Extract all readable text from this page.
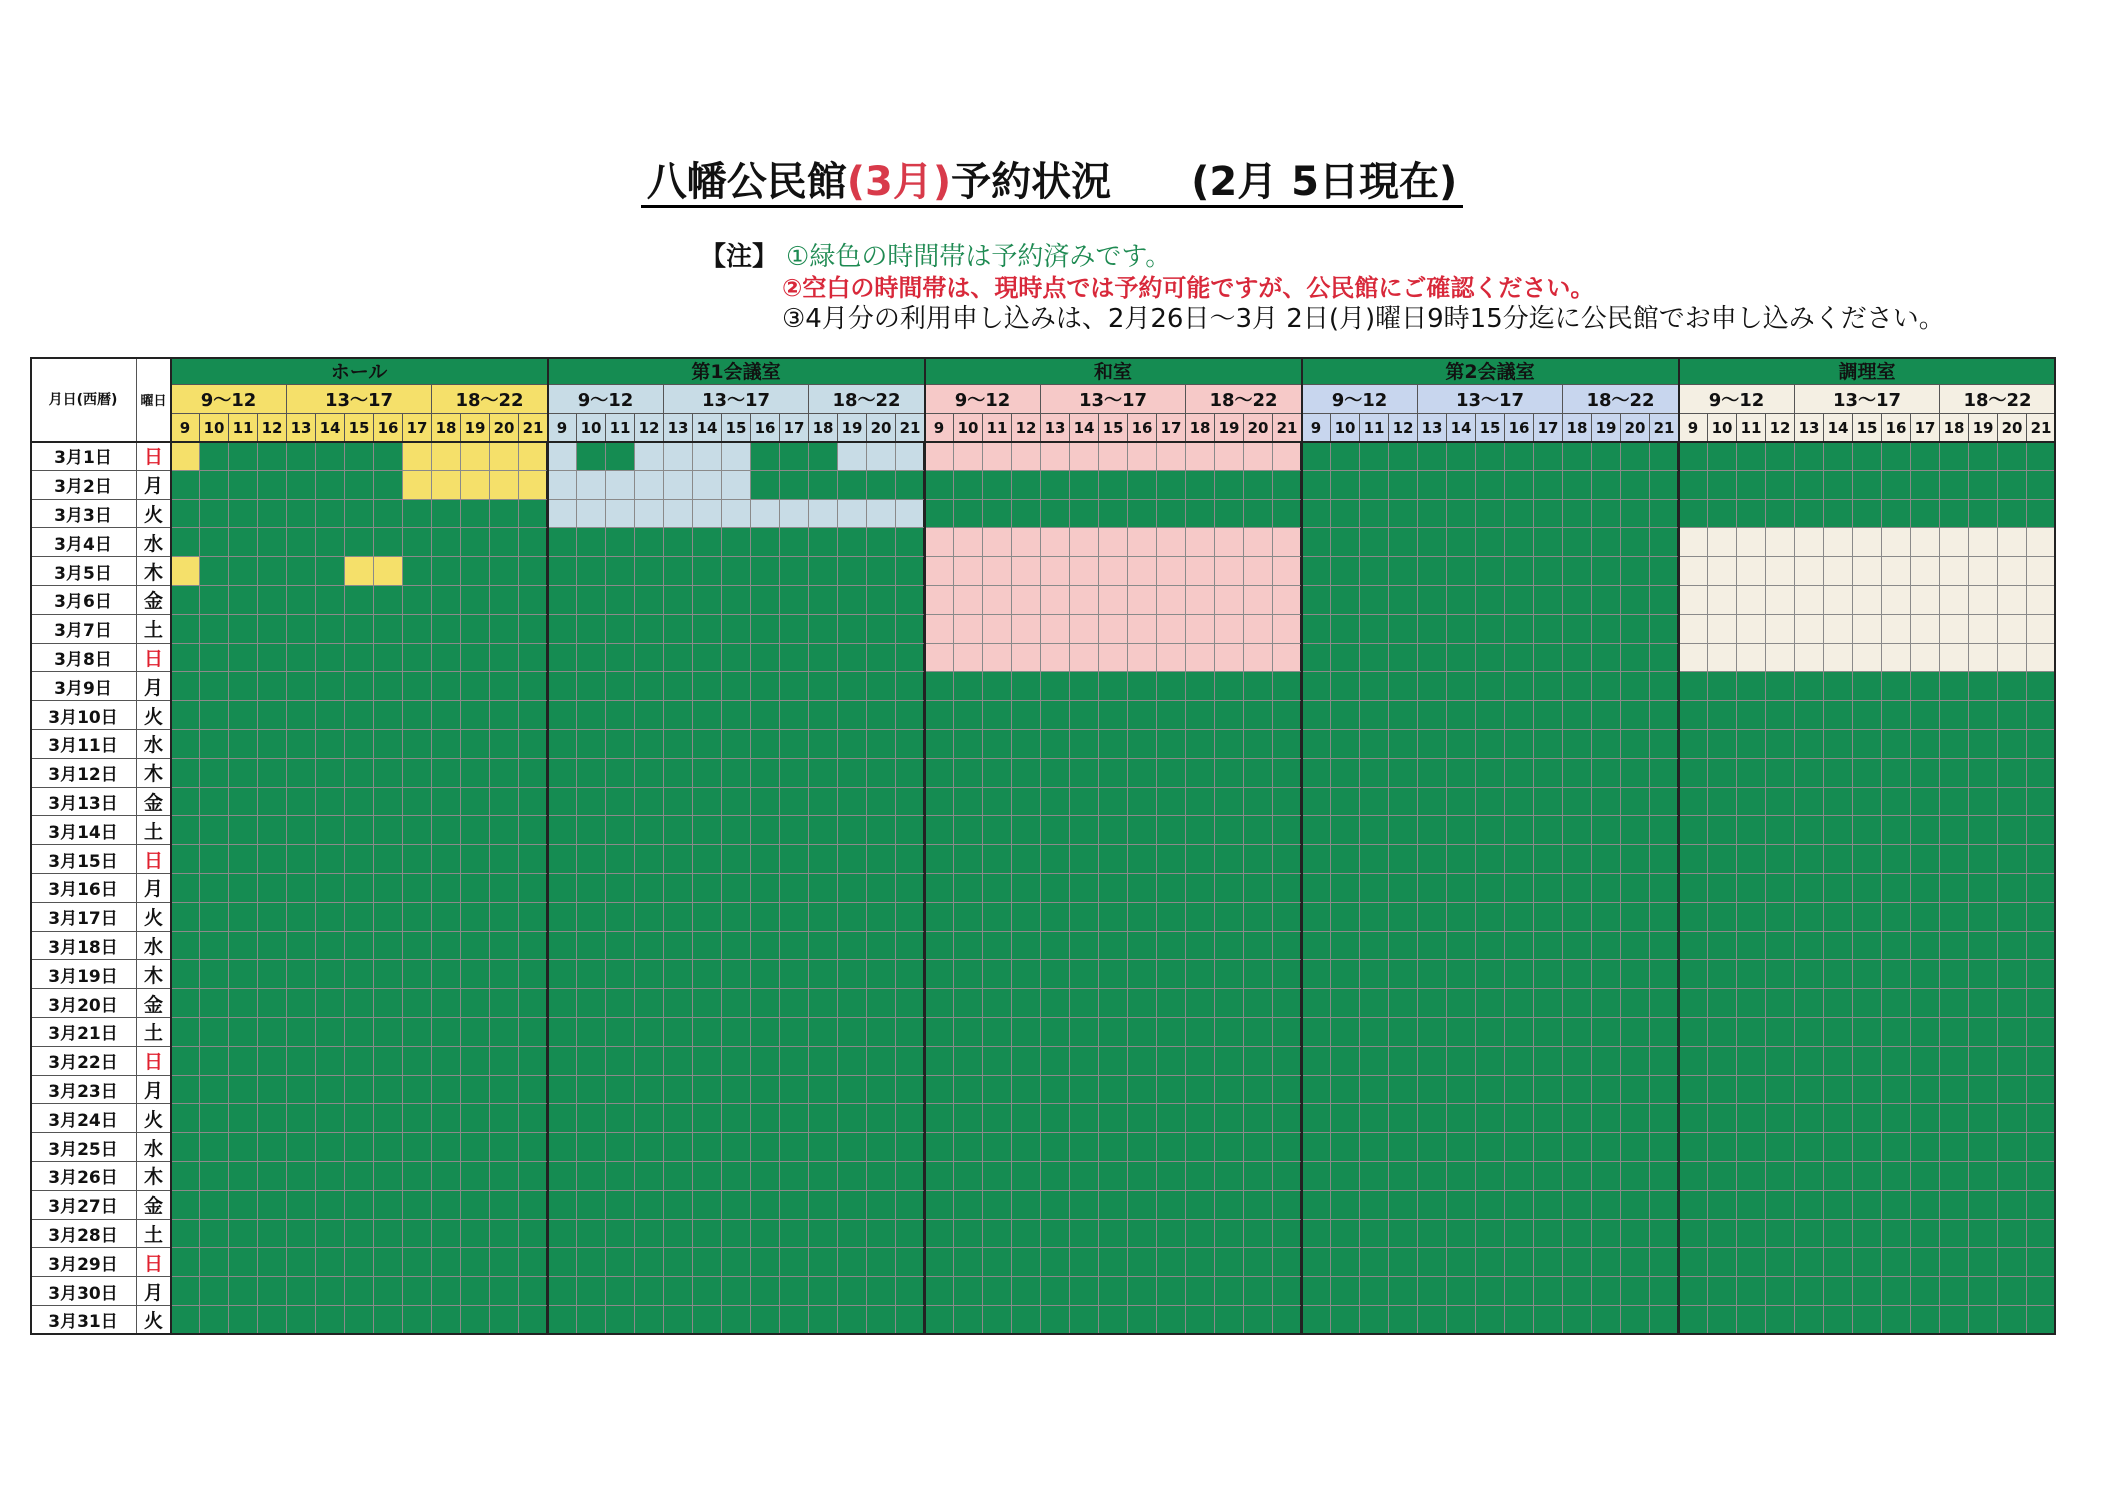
八幡公民館(3月)予約状況 (2月 5日現在)
【注】 ①緑色の時間帯は予約済みです。
②空白の時間帯は、現時点では予約可能ですが、公民館にご確認ください。
③4月分の利用申し込みは、2月26日～3月 2日(月)曜日9時15分迄に公民館でお申し込みください。
月日(西暦)	曜日
ホール
9～12	13～17	18～22
9 10 11 12 13 14 15 16 17 18 19 20 21
第1会議室
9～12	13～17	18～22
9 10 11 12 13 14 15 16 17 18 19 20 21
和室
9～12	13～17	18～22
9 10 11 12 13 14 15 16 17 18 19 20 21
第2会議室
9～12	13～17	18～22
9 10 11 12 13 14 15 16 17 18 19 20 21
調理室
9～12	13～17	18～22
9 10 11 12 13 14 15 16 17 18 19 20 21
3月1日	日
3月2日	月
3月3日	火
3月4日	水
3月5日	木
3月6日	金
3月7日	土
3月8日	日
3月9日	月
3月10日	火
3月11日	水
3月12日	木
3月13日	金
3月14日	土
3月15日	日
3月16日	月
3月17日	火
3月18日	水
3月19日	木
3月20日	金
3月21日	土
3月22日	日
3月23日	月
3月24日	火
3月25日	水
3月26日	木
3月27日	金
3月28日	土
3月29日	日
3月30日	月
3月31日	火
